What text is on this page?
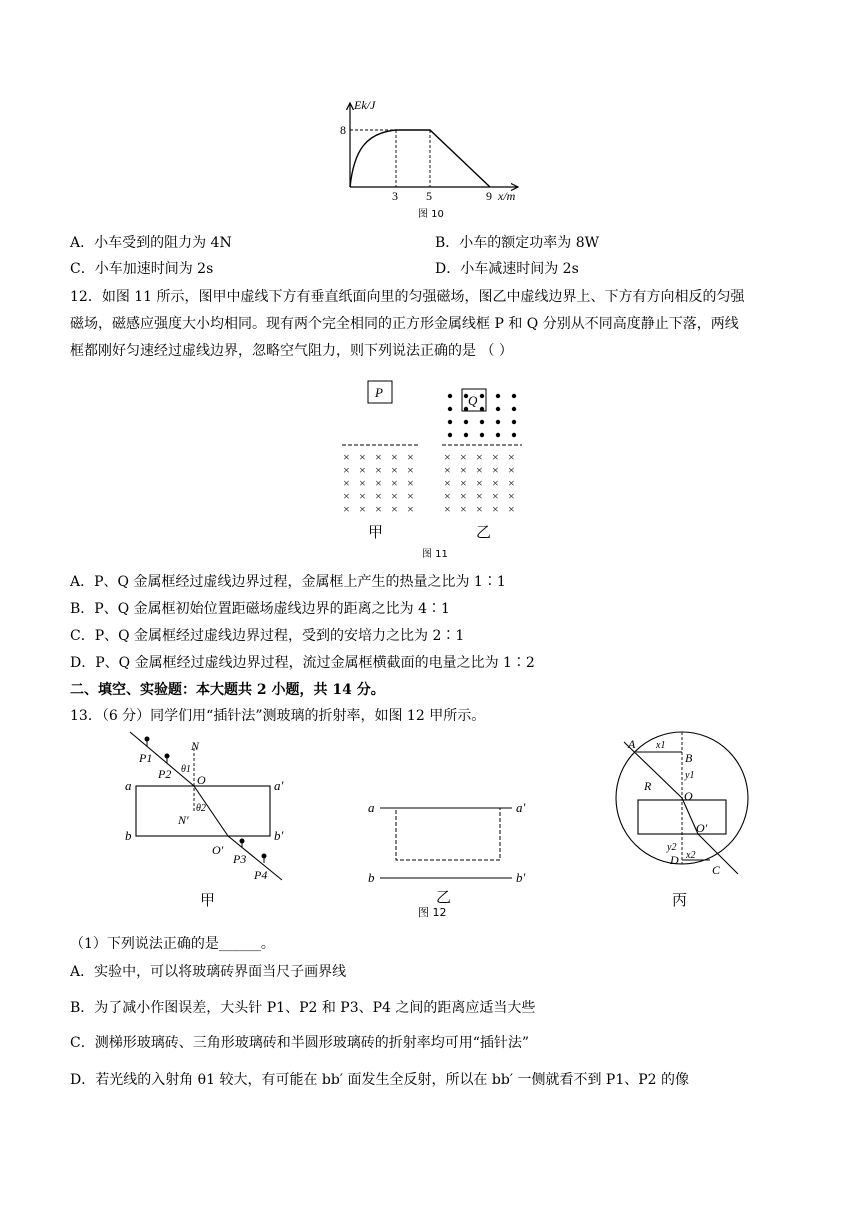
Ek/J
8
3 5	9 x/m
图 10
A．小车受到的阻力为 4N	B．小车的额定功率为 8W
C．小车加速时间为 2s	D．小车减速时间为 2s
12．如图 11 所示，图甲中虚线下方有垂直纸面向里的匀强磁场，图乙中虚线边界上、下方有方向相反的匀强
磁场，磁感应强度大小均相同。现有两个完全相同的正方形金属线框 P 和 Q 分别从不同高度静止下落，两线
框都刚好匀速经过虚线边界，忽略空气阻力，则下列说法正确的是 （ ）
P
× × × × ×
× × × × ×
× × × × ×
× × × × ×
× × × × ×
甲
Q
× × × × ×
× × × × ×
× × × × ×
× × × × ×
× × × × ×
乙
图 11
A．P、Q 金属框经过虚线边界过程，金属框上产生的热量之比为 1∶1
B．P、Q 金属框初始位置距磁场虚线边界的距离之比为 4∶1
C．P、Q 金属框经过虚线边界过程，受到的安培力之比为 2∶1
D．P、Q 金属框经过虚线边界过程，流过金属框横截面的电量之比为 1∶2
二、填空、实验题：本大题共 2 小题，共 14 分。
13．（6 分）同学们用“插针法”测玻璃的折射率，如图 12 甲所示。
a	a′
b	b′
N
N′
O
O′
θ1
θ2
P1
P2
P3
P4
甲
a	a′
b	b′
乙
图 12
A x1
B
y1
R
O
O′
y2
D x2
C
丙
（1）下列说法正确的是______。
A．实验中，可以将玻璃砖界面当尺子画界线
B．为了减小作图误差，大头针 P1、P2 和 P3、P4 之间的距离应适当大些
C．测梯形玻璃砖、三角形玻璃砖和半圆形玻璃砖的折射率均可用“插针法”
D．若光线的入射角 θ1 较大，有可能在 bb′ 面发生全反射，所以在 bb′ 一侧就看不到 P1、P2 的像
